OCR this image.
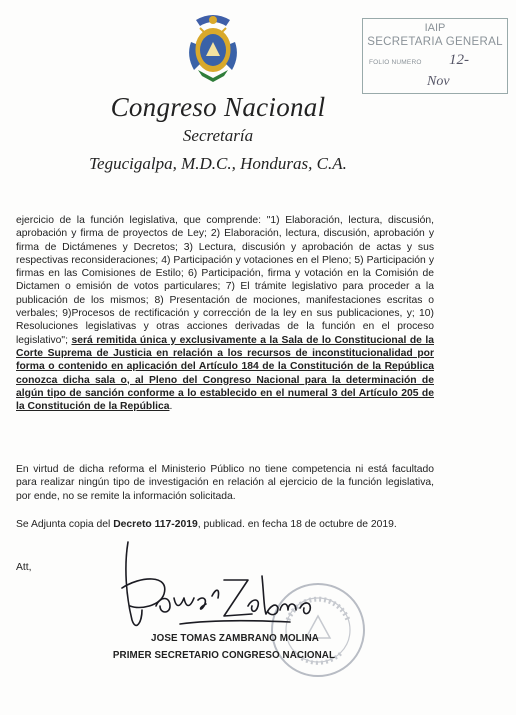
Congreso Nacional
Secretaría
Tegucigalpa, M.D.C., Honduras, C.A.
IAIP
SECRETARIA GENERAL
FOLIO NUMERO 12-
Nov

ejercicio de la función legislativa, que comprende: "1) Elaboración, lectura, discusión, aprobación y firma de proyectos de Ley; 2) Elaboración, lectura, discusión, aprobación y firma de Dictámenes y Decretos; 3) Lectura, discusión y aprobación de actas y sus respectivas reconsideraciones; 4) Participación y votaciones en el Pleno; 5) Participación y firmas en las Comisiones de Estilo; 6) Participación, firma y votación en la Comisión de Dictamen o emisión de votos particulares; 7) El trámite legislativo para proceder a la publicación de los mismos; 8) Presentación de mociones, manifestaciones escritas o verbales; 9)Procesos de rectificación y corrección de la ley en sus publicaciones, y; 10) Resoluciones legislativas y otras acciones derivadas de la función en el proceso legislativo"; será remitida única y exclusivamente a la Sala de lo Constitucional de la Corte Suprema de Justicia en relación a los recursos de inconstitucionalidad por forma o contenido en aplicación del Artículo 184 de la Constitución de la República conozca dicha sala o, al Pleno del Congreso Nacional para la determinación de algún tipo de sanción conforme a lo establecido en el numeral 3 del Artículo 205 de la Constitución de la República.

En virtud de dicha reforma el Ministerio Público no tiene competencia ni está facultado para realizar ningún tipo de investigación en relación al ejercicio de la función legislativa, por ende, no se remite la información solicitada.

Se Adjunta copia del Decreto 117-2019, publicad. en fecha 18 de octubre de 2019.
Att,
JOSE TOMAS ZAMBRANO MOLINA
PRIMER SECRETARIO CONGRESO NACIONAL
